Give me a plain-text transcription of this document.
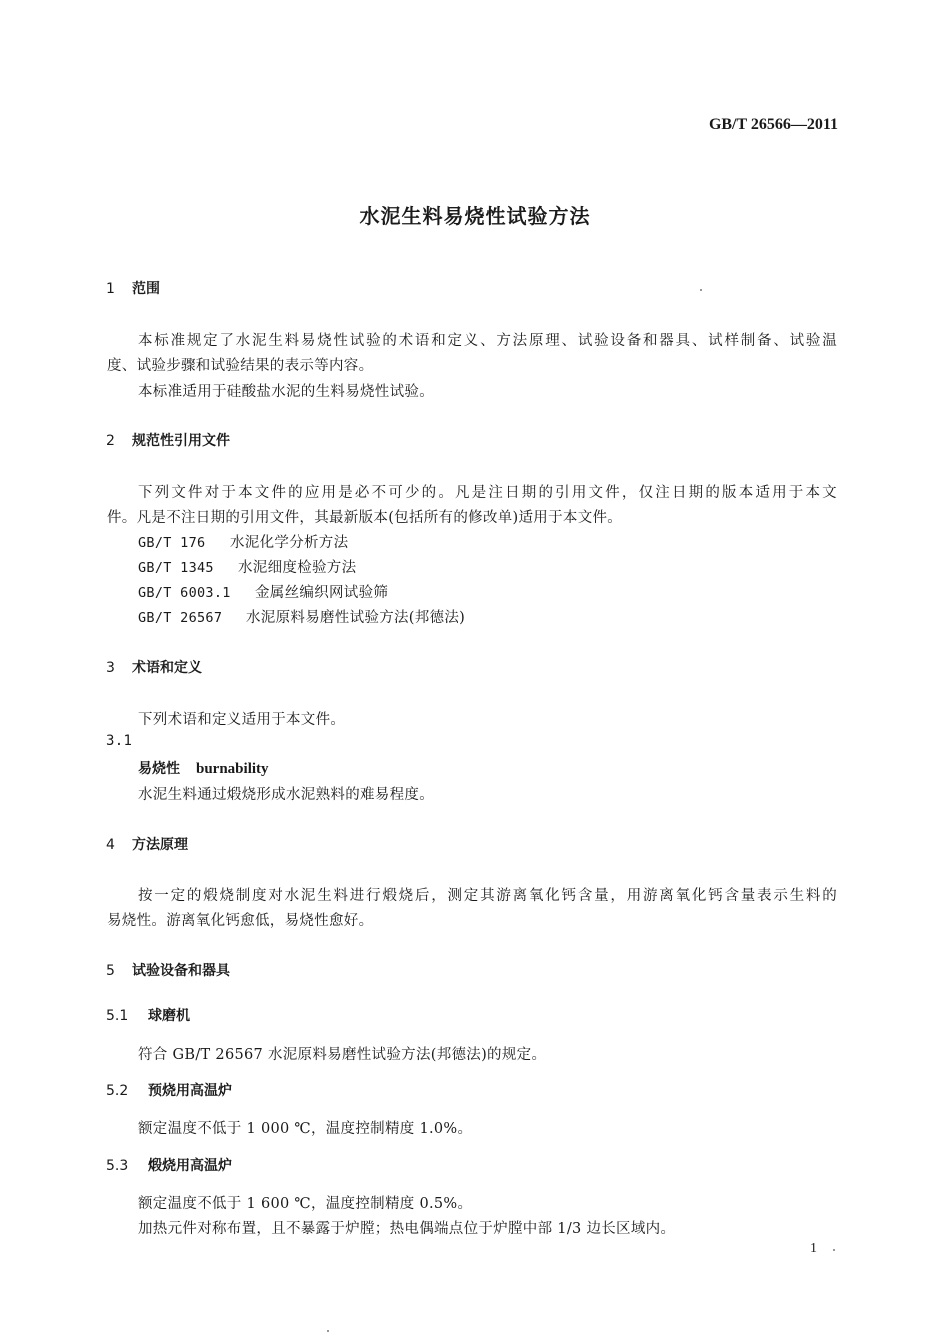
GB/T 26566—2011
水泥生料易烧性试验方法
1 范围
本标准规定了水泥生料易烧性试验的术语和定义、方法原理、试验设备和器具、试样制备、试验温
度、试验步骤和试验结果的表示等内容。
本标准适用于硅酸盐水泥的生料易烧性试验。
2 规范性引用文件
下列文件对于本文件的应用是必不可少的。凡是注日期的引用文件，仅注日期的版本适用于本文
件。凡是不注日期的引用文件，其最新版本(包括所有的修改单)适用于本文件。
GB/T 176 水泥化学分析方法
GB/T 1345 水泥细度检验方法
GB/T 6003.1 金属丝编织网试验筛
GB/T 26567 水泥原料易磨性试验方法(邦德法)
3 术语和定义
下列术语和定义适用于本文件。
3.1
易烧性 burnability
水泥生料通过煅烧形成水泥熟料的难易程度。
4 方法原理
按一定的煅烧制度对水泥生料进行煅烧后，测定其游离氧化钙含量，用游离氧化钙含量表示生料的
易烧性。游离氧化钙愈低，易烧性愈好。
5 试验设备和器具
5.1 球磨机
符合 GB/T 26567 水泥原料易磨性试验方法(邦德法)的规定。
5.2 预烧用高温炉
额定温度不低于 1 000 ℃，温度控制精度 1.0%。
5.3 煅烧用高温炉
额定温度不低于 1 600 ℃，温度控制精度 0.5%。
加热元件对称布置，且不暴露于炉膛；热电偶端点位于炉膛中部 1/3 边长区域内。
1
